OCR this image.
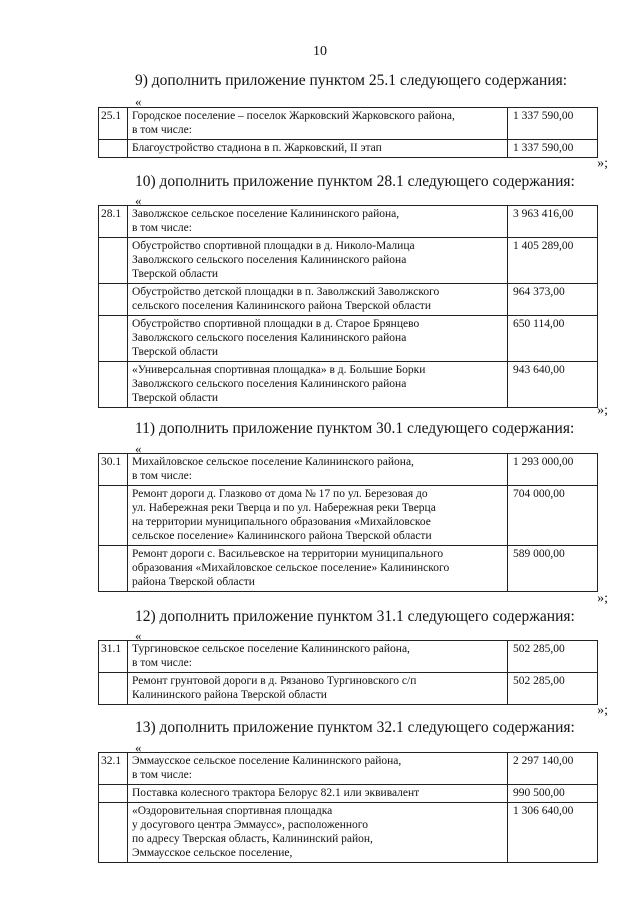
10
9) дополнить приложение пунктом 25.1 следующего содержания:
«
25.1	Городское поселение – поселок Жарковский Жарковского района,
в том числе:	1 337 590,00
	Благоустройство стадиона в п. Жарковский, II этап	1 337 590,00
»;
10) дополнить приложение пунктом 28.1 следующего содержания:
«
28.1	Заволжское сельское поселение Калининского района,
в том числе:	3 963 416,00
	Обустройство спортивной площадки в д. Николо-Малица
Заволжского сельского поселения Калининского района
Тверской области	1 405 289,00
	Обустройство детской площадки в п. Заволжский Заволжского
сельского поселения Калининского района Тверской области	964 373,00
	Обустройство спортивной площадки в д. Старое Брянцево
Заволжского сельского поселения Калининского района
Тверской области	650 114,00
	«Универсальная спортивная площадка» в д. Большие Борки
Заволжского сельского поселения Калининского района
Тверской области	943 640,00
»;
11) дополнить приложение пунктом 30.1 следующего содержания:
«
30.1	Михайловское сельское поселение Калининского района,
в том числе:	1 293 000,00
	Ремонт дороги д. Глазково от дома № 17 по ул. Березовая до
ул. Набережная реки Тверца и по ул. Набережная реки Тверца
на территории муниципального образования «Михайловское
сельское поселение» Калининского района Тверской области	704 000,00
	Ремонт дороги с. Васильевское на территории муниципального
образования «Михайловское сельское поселение» Калининского
района Тверской области	589 000,00
»;
12) дополнить приложение пунктом 31.1 следующего содержания:
«
31.1	Тургиновское сельское поселение Калининского района,
в том числе:	502 285,00
	Ремонт грунтовой дороги в д. Рязаново Тургиновского с/п
Калининского района Тверской области	502 285,00
»;
13) дополнить приложение пунктом 32.1 следующего содержания:
«
32.1	Эммаусское сельское поселение Калининского района,
в том числе:	2 297 140,00
	Поставка колесного трактора Белорус 82.1 или эквивалент	990 500,00
	«Оздоровительная спортивная площадка
у досугового центра Эммаусс», расположенного
по адресу Тверская область, Калининский район,
Эммаусское сельское поселение,	1 306 640,00
